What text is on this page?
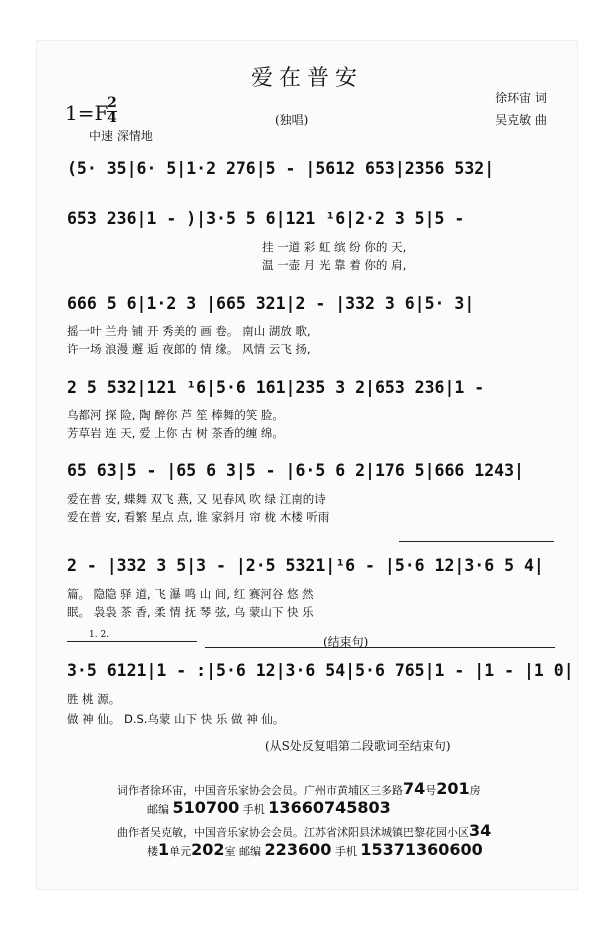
爱在普安
徐环宙 词
吴克敏 曲
1=F
2
4
中速 深情地
(独唱)
(5· 35|6· 5|1·2 276|5 - |5612 653|2356 532|
653 236|1 - )|3·5 5 6|121 ¹6|2·2 3 5|5 -
挂 一道 彩 虹 缤 纷 你的 天,
温 一壶 月 光 靠 着 你的 肩,
666 5 6|1·2 3 |665 321|2 - |332 3 6|5· 3|
摇一叶 兰舟 铺 开 秀美的 画 卷。 南山 湖放 歌,
许一场 浪漫 邂 逅 夜郎的 情 缘。 风情 云飞 扬,
2 5 532|121 ¹6|5·6 161|235 3 2|653 236|1 -
乌都河 探 险, 陶 醉你 芦 笙 棒舞的笑 脸。
芳草岩 连 天, 爱 上你 古 树 茶香的缠 绵。
65 63|5 - |65 6 3|5 - |6·5 6 2|176 5|666 1243|
爱在普 安, 蝶舞 双飞 燕, 又 见春风 吹 绿 江南的诗
爱在普 安, 看繁 星点 点, 谁 家斜月 帘 栊 木楼 听雨
2 - |332 3 5|3 - |2·5 5321|¹6 - |5·6 12|3·6 5 4|
篇。 隐隐 驿 道, 飞 瀑 鸣 山 间, 红 赛河谷 悠 然
眠。 袅袅 茶 香, 柔 情 抚 琴 弦, 乌 蒙山下 快 乐
1. 2.	(结束句)
3·5 6121|1 - :|5·6 12|3·6 54|5·6 765|1 - |1 - |1 0|
胜 桃 源。
做 神 仙。 D.S.乌蒙 山下 快 乐 做 神 仙。
(从S处反复唱第二段歌词至结束句)
词作者徐环宙，中国音乐家协会会员。广州市黄埔区三多路74号201房
邮编 510700 手机 13660745803
曲作者吴克敏，中国音乐家协会会员。江苏省沭阳县沭城镇巴黎花园小区34
楼1单元202室 邮编 223600 手机 15371360600
